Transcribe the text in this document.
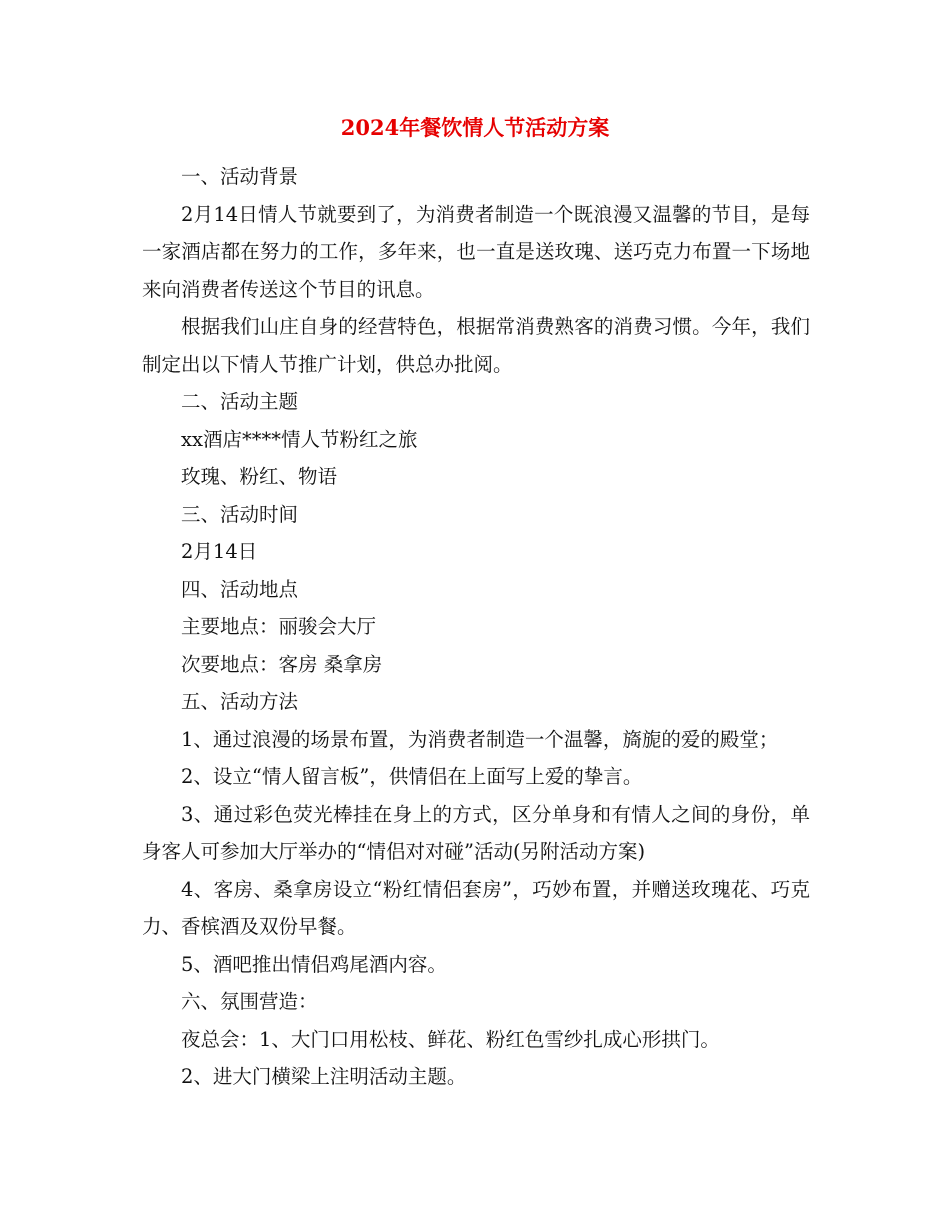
2024年餐饮情人节活动方案

一、活动背景

2月14日情人节就要到了，为消费者制造一个既浪漫又温馨的节目，是每一家酒店都在努力的工作，多年来，也一直是送玫瑰、送巧克力布置一下场地来向消费者传送这个节目的讯息。

根据我们山庄自身的经营特色，根据常消费熟客的消费习惯。今年，我们制定出以下情人节推广计划，供总办批阅。

二、活动主题

xx酒店****情人节粉红之旅

玫瑰、粉红、物语

三、活动时间

2月14日

四、活动地点

主要地点：丽骏会大厅

次要地点：客房 桑拿房

五、活动方法

1、通过浪漫的场景布置，为消费者制造一个温馨，旖旎的爱的殿堂；

2、设立“情人留言板”，供情侣在上面写上爱的挚言。

3、通过彩色荧光棒挂在身上的方式，区分单身和有情人之间的身份，单身客人可参加大厅举办的“情侣对对碰”活动(另附活动方案)

4、客房、桑拿房设立“粉红情侣套房”，巧妙布置，并赠送玫瑰花、巧克力、香槟酒及双份早餐。

5、酒吧推出情侣鸡尾酒内容。

六、氛围营造：

夜总会：1、大门口用松枝、鲜花、粉红色雪纱扎成心形拱门。

2、进大门横梁上注明活动主题。
